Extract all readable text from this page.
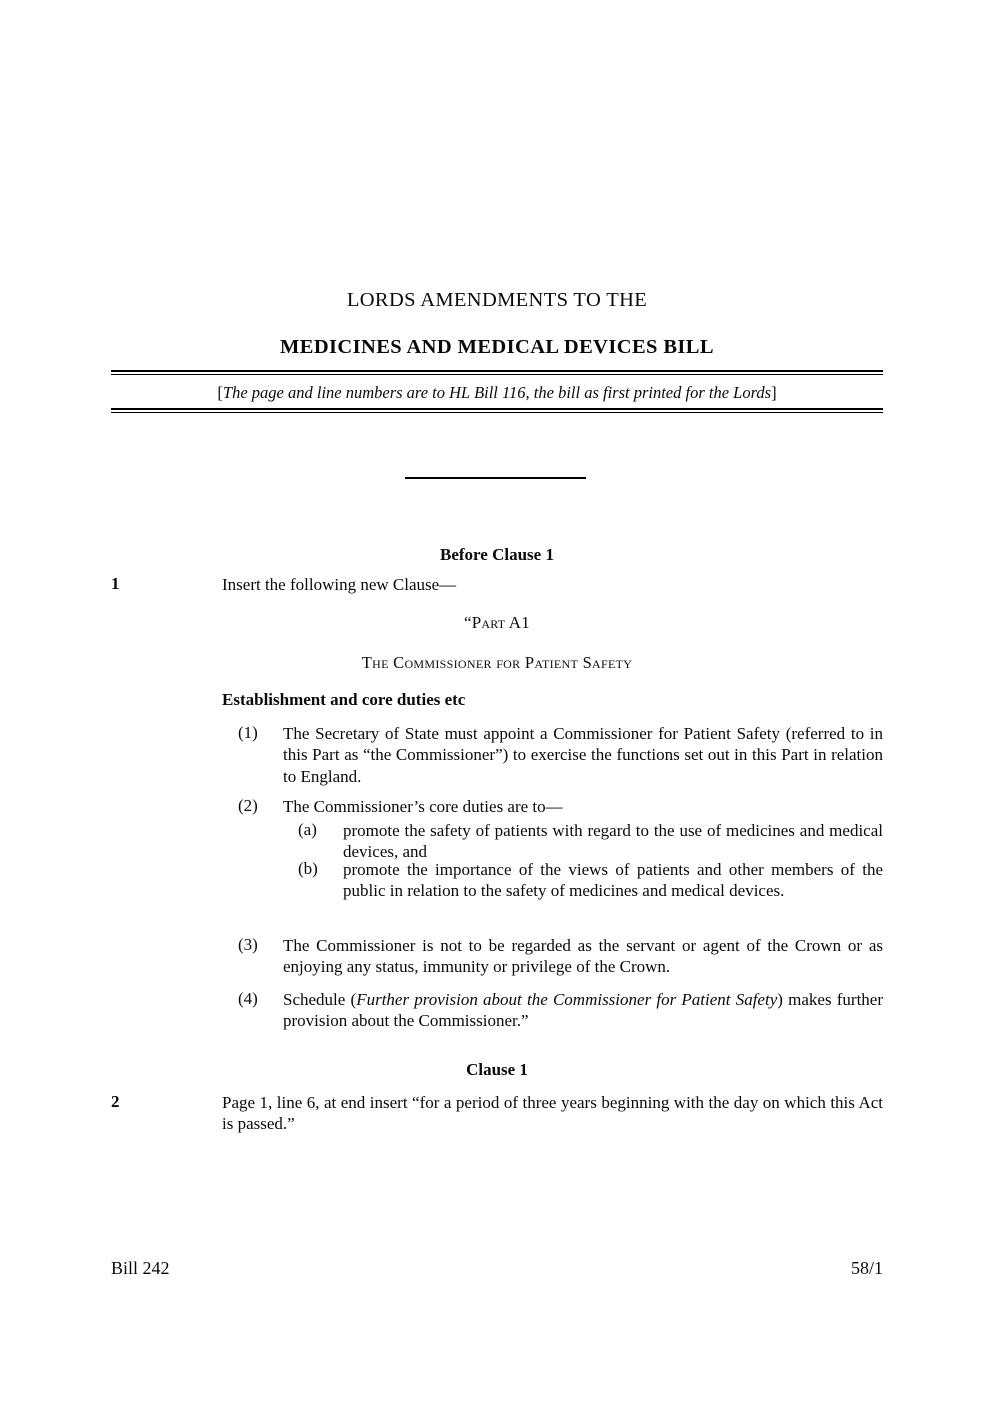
LORDS AMENDMENTS TO THE
MEDICINES AND MEDICAL DEVICES BILL
[The page and line numbers are to HL Bill 116, the bill as first printed for the Lords]
Before Clause 1
1	Insert the following new Clause—
“Part A1
The Commissioner for Patient Safety
Establishment and core duties etc
(1)	The Secretary of State must appoint a Commissioner for Patient Safety (referred to in this Part as “the Commissioner”) to exercise the functions set out in this Part in relation to England.
(2)	The Commissioner’s core duties are to—
(a)	promote the safety of patients with regard to the use of medicines and medical devices, and
(b)	promote the importance of the views of patients and other members of the public in relation to the safety of medicines and medical devices.
(3)	The Commissioner is not to be regarded as the servant or agent of the Crown or as enjoying any status, immunity or privilege of the Crown.
(4)	Schedule (Further provision about the Commissioner for Patient Safety) makes further provision about the Commissioner.”
Clause 1
2	Page 1, line 6, at end insert “for a period of three years beginning with the day on which this Act is passed.”
Bill 242	58/1
